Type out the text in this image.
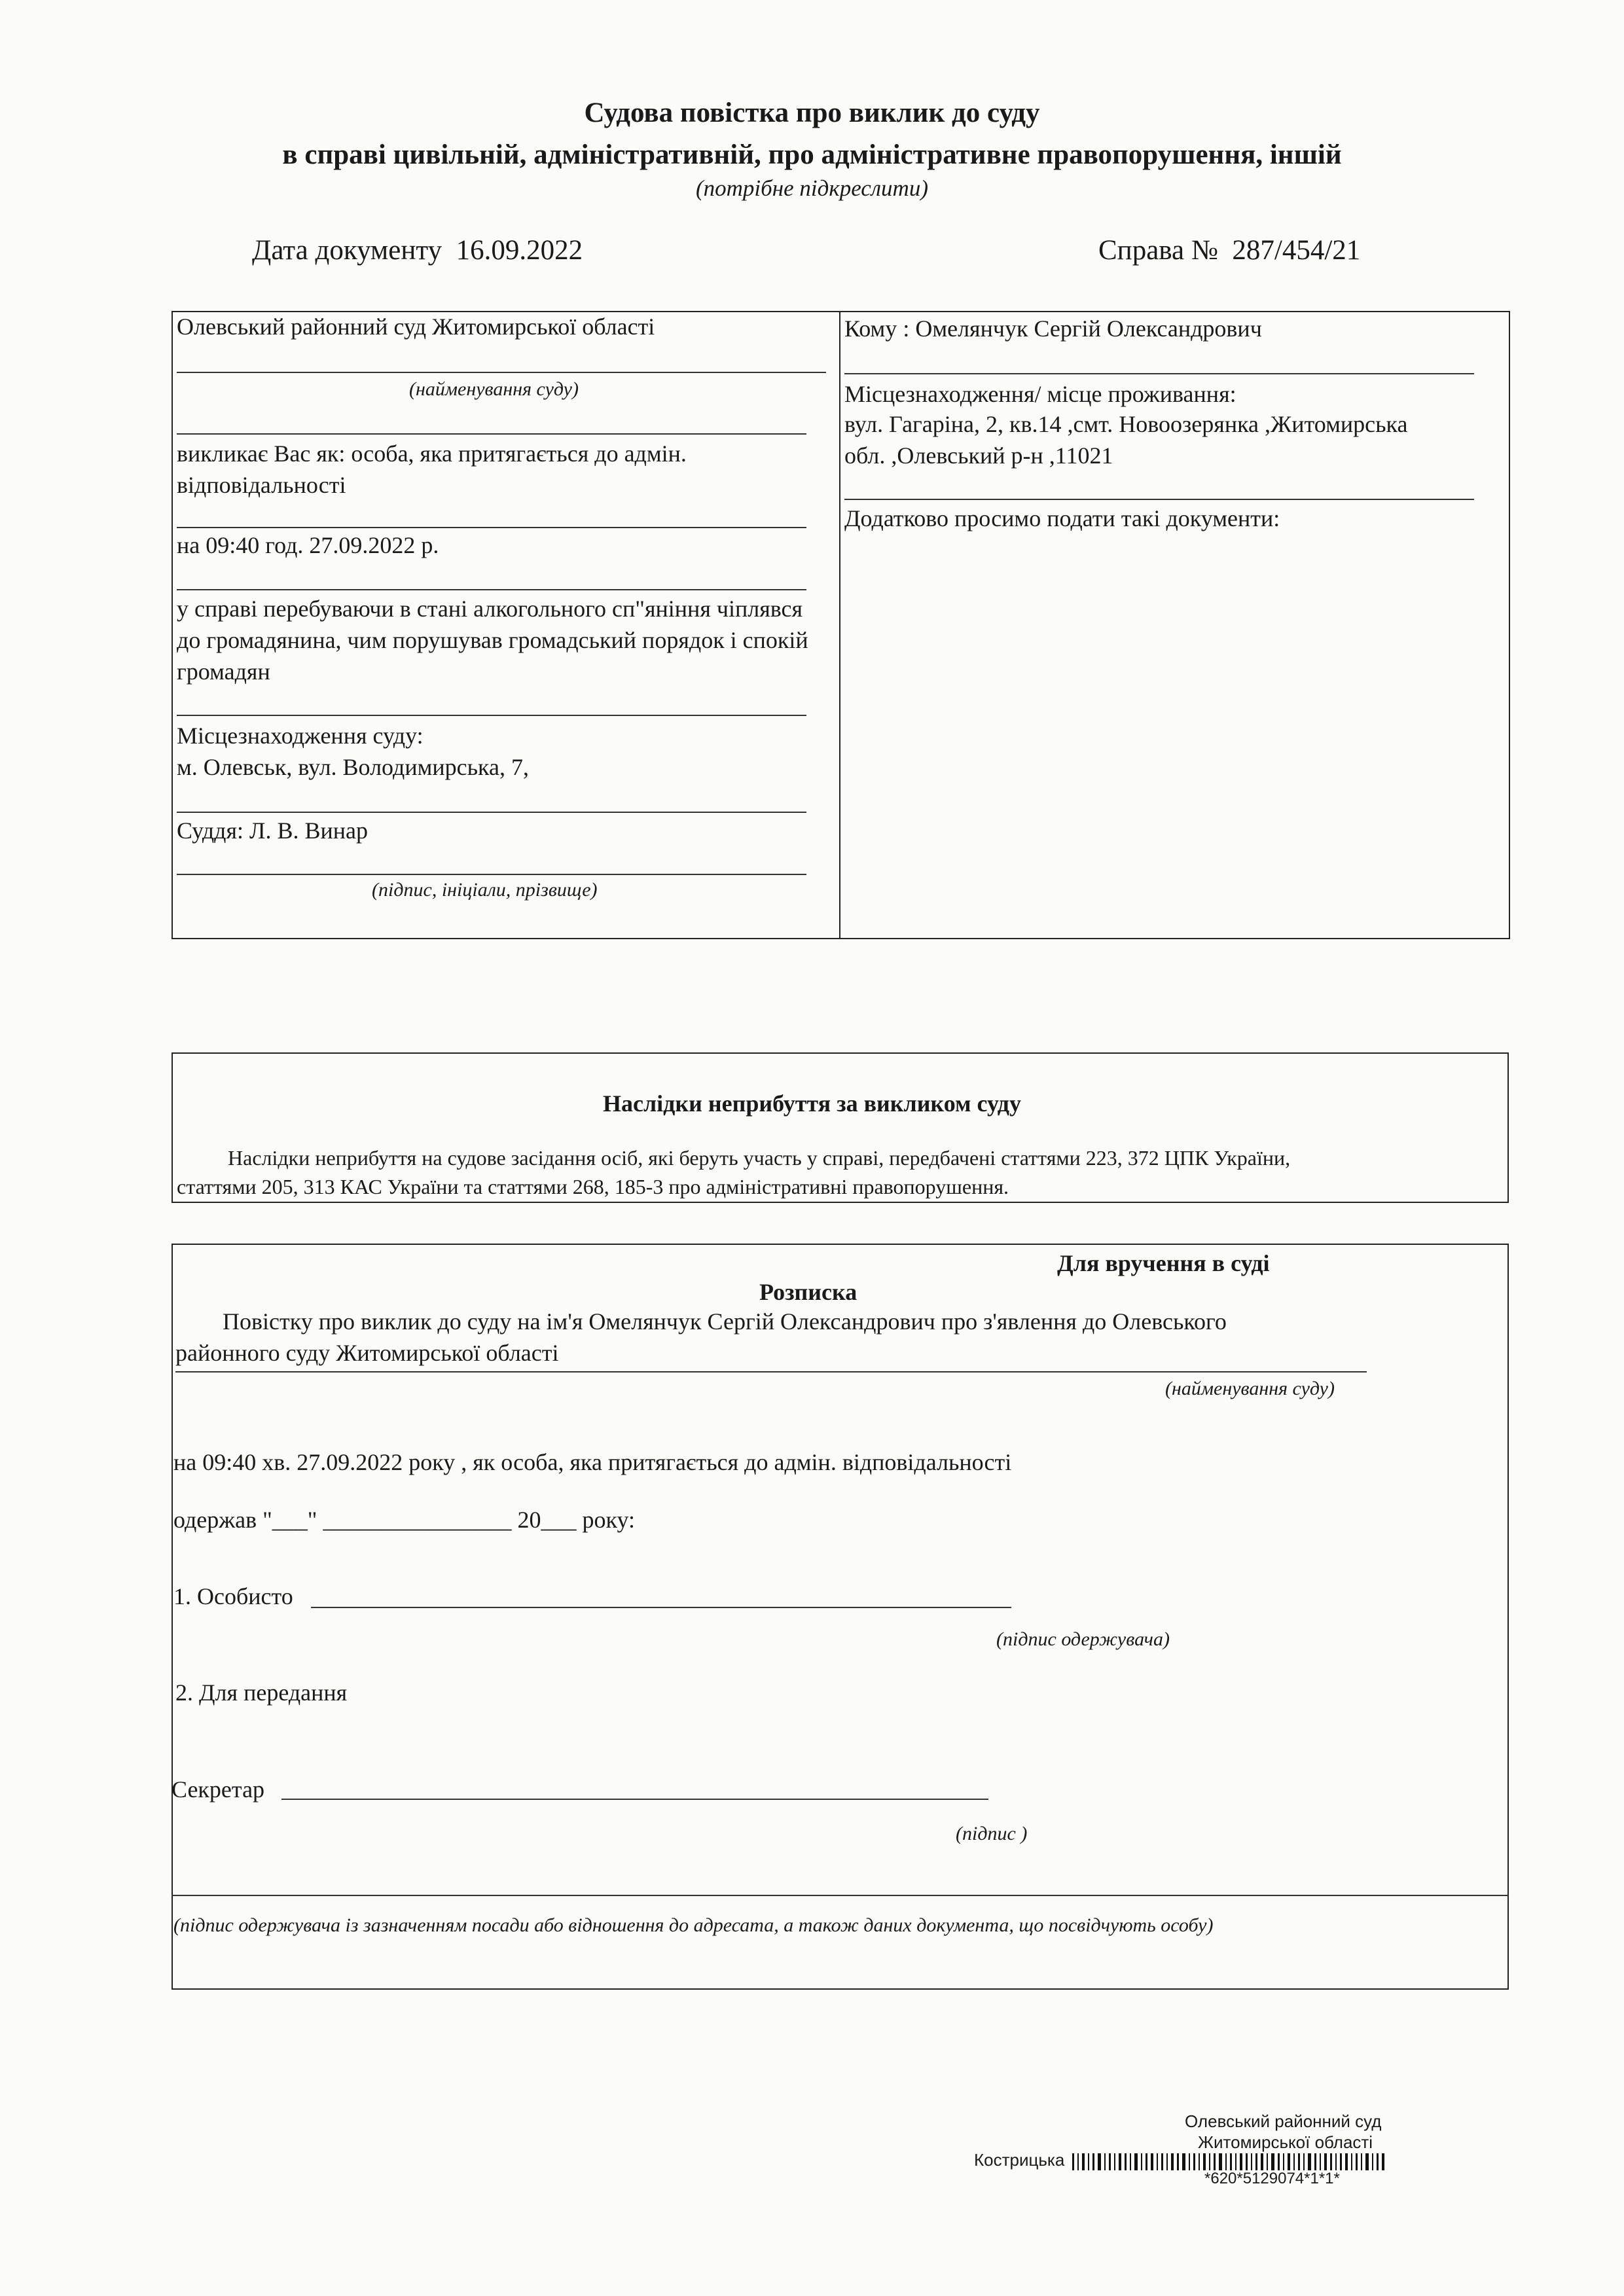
Судова повістка про виклик до суду
в справі цивільній, адміністративній, про адміністративне правопорушення, іншій
(потрібне підкреслити)
Дата документу 16.09.2022	Справа № 287/454/21
Олевський районний суд Житомирської області
(найменування суду)
викликає Вас як: особа, яка притягається до адмін. відповідальності
на 09:40 год. 27.09.2022 р.
у справі перебуваючи в стані алкогольного сп"яніння чіплявся до громадянина, чим порушував громадський порядок і спокій громадян
Місцезнаходження суду:
м. Олевськ, вул. Володимирська, 7,
Суддя: Л. В. Винар
(підпис, ініціали, прізвище)
Кому : Омелянчук Сергій Олександрович
Місцезнаходження/ місце проживання:
вул. Гагаріна, 2, кв.14 ,смт. Новоозерянка ,Житомирська
обл. ,Олевський р-н ,11021
Додатково просимо подати такі документи:
Наслідки неприбуття за викликом суду
Наслідки неприбуття на судове засідання осіб, які беруть участь у справі, передбачені статтями 223, 372 ЦПК України,
статтями 205, 313 КАС України та статтями 268, 185-3 про адміністративні правопорушення.
Для вручення в суді
Розписка
Повістку про виклик до суду на ім'я Омелянчук Сергій Олександрович про з'явлення до Олевського
районного суду Житомирської області
(найменування суду)
на 09:40 хв. 27.09.2022 року , як особа, яка притягається до адмін. відповідальності
одержав "___" ________________ 20___ року:
1. Особисто
(підпис одержувача)
2. Для передання
Секретар
(підпис )
(підпис одержувача із зазначенням посади або відношення до адресата, а також даних документа, що посвідчують особу)
Олевський районний суд
Житомирської області
Кострицька
*620*5129074*1*1*
